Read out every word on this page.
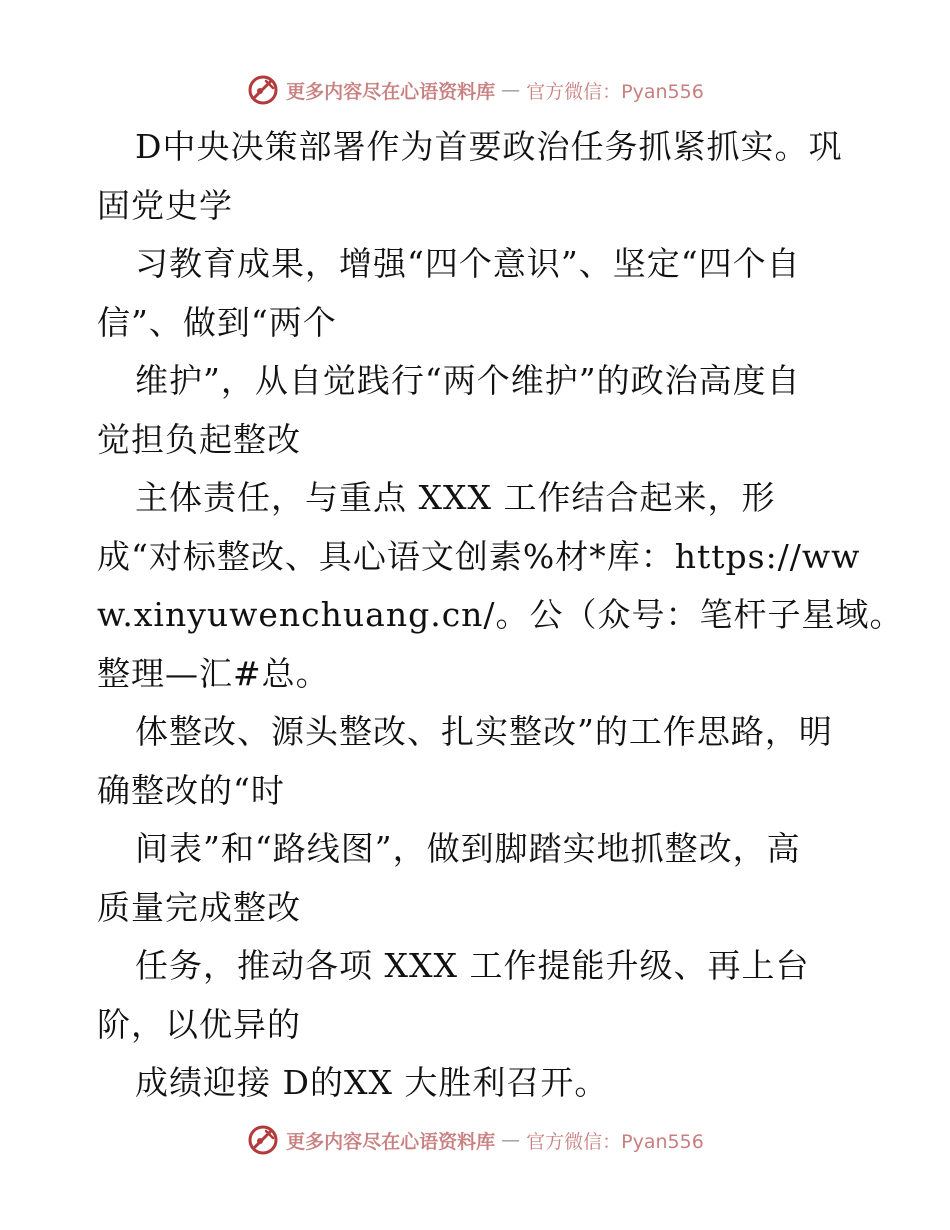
更多内容尽在心语资料库 — 官方微信：Pyan556
D中央决策部署作为首要政治任务抓紧抓实。巩
固党史学
习教育成果，增强“四个意识”、坚定“四个自
信”、做到“两个
维护”，从自觉践行“两个维护”的政治高度自
觉担负起整改
主体责任，与重点 XXX 工作结合起来，形
成“对标整改、具心语文创素%材*库：https://ww
w.xinyuwenchuang.cn/。公（众号：笔杆子星域。
整理—汇#总。
体整改、源头整改、扎实整改”的工作思路，明
确整改的“时
间表”和“路线图”，做到脚踏实地抓整改，高
质量完成整改
任务，推动各项 XXX 工作提能升级、再上台
阶，以优异的
成绩迎接 D的XX 大胜利召开。
更多内容尽在心语资料库 — 官方微信：Pyan556
